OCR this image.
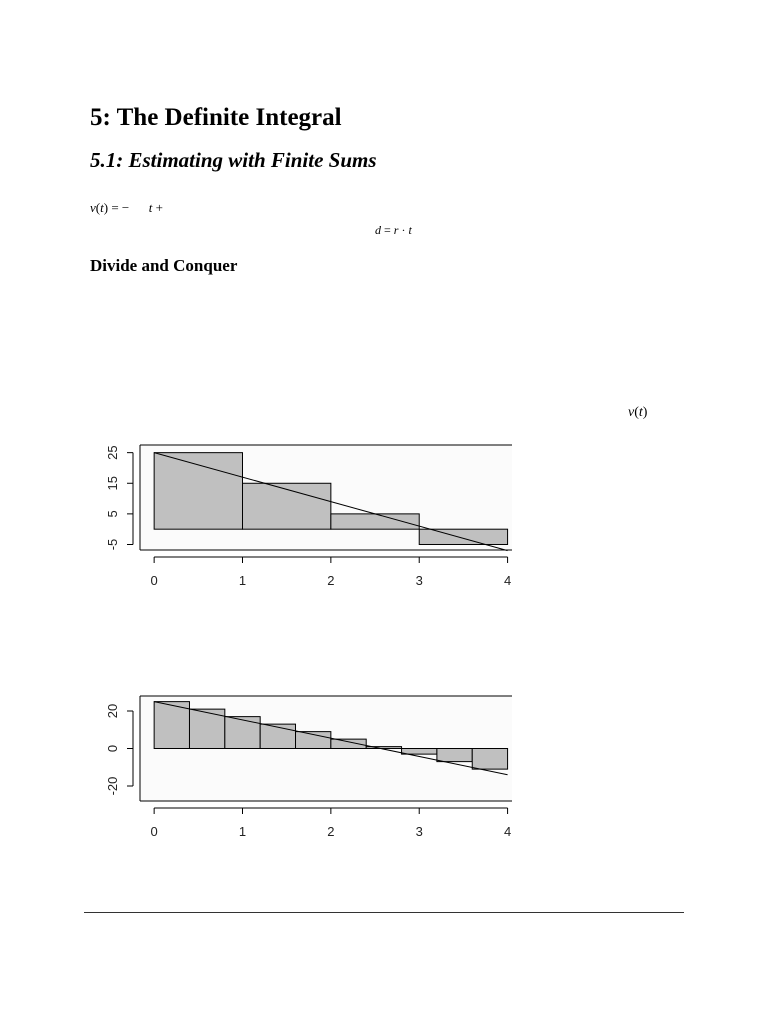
5: The Definite Integral
5.1: Estimating with Finite Sums
v(t) = − t +
d = r · t
Divide and Conquer
v(t)
0	1	2	3	4
-5
5
15
25
0	1	2	3	4
-20
0
20
